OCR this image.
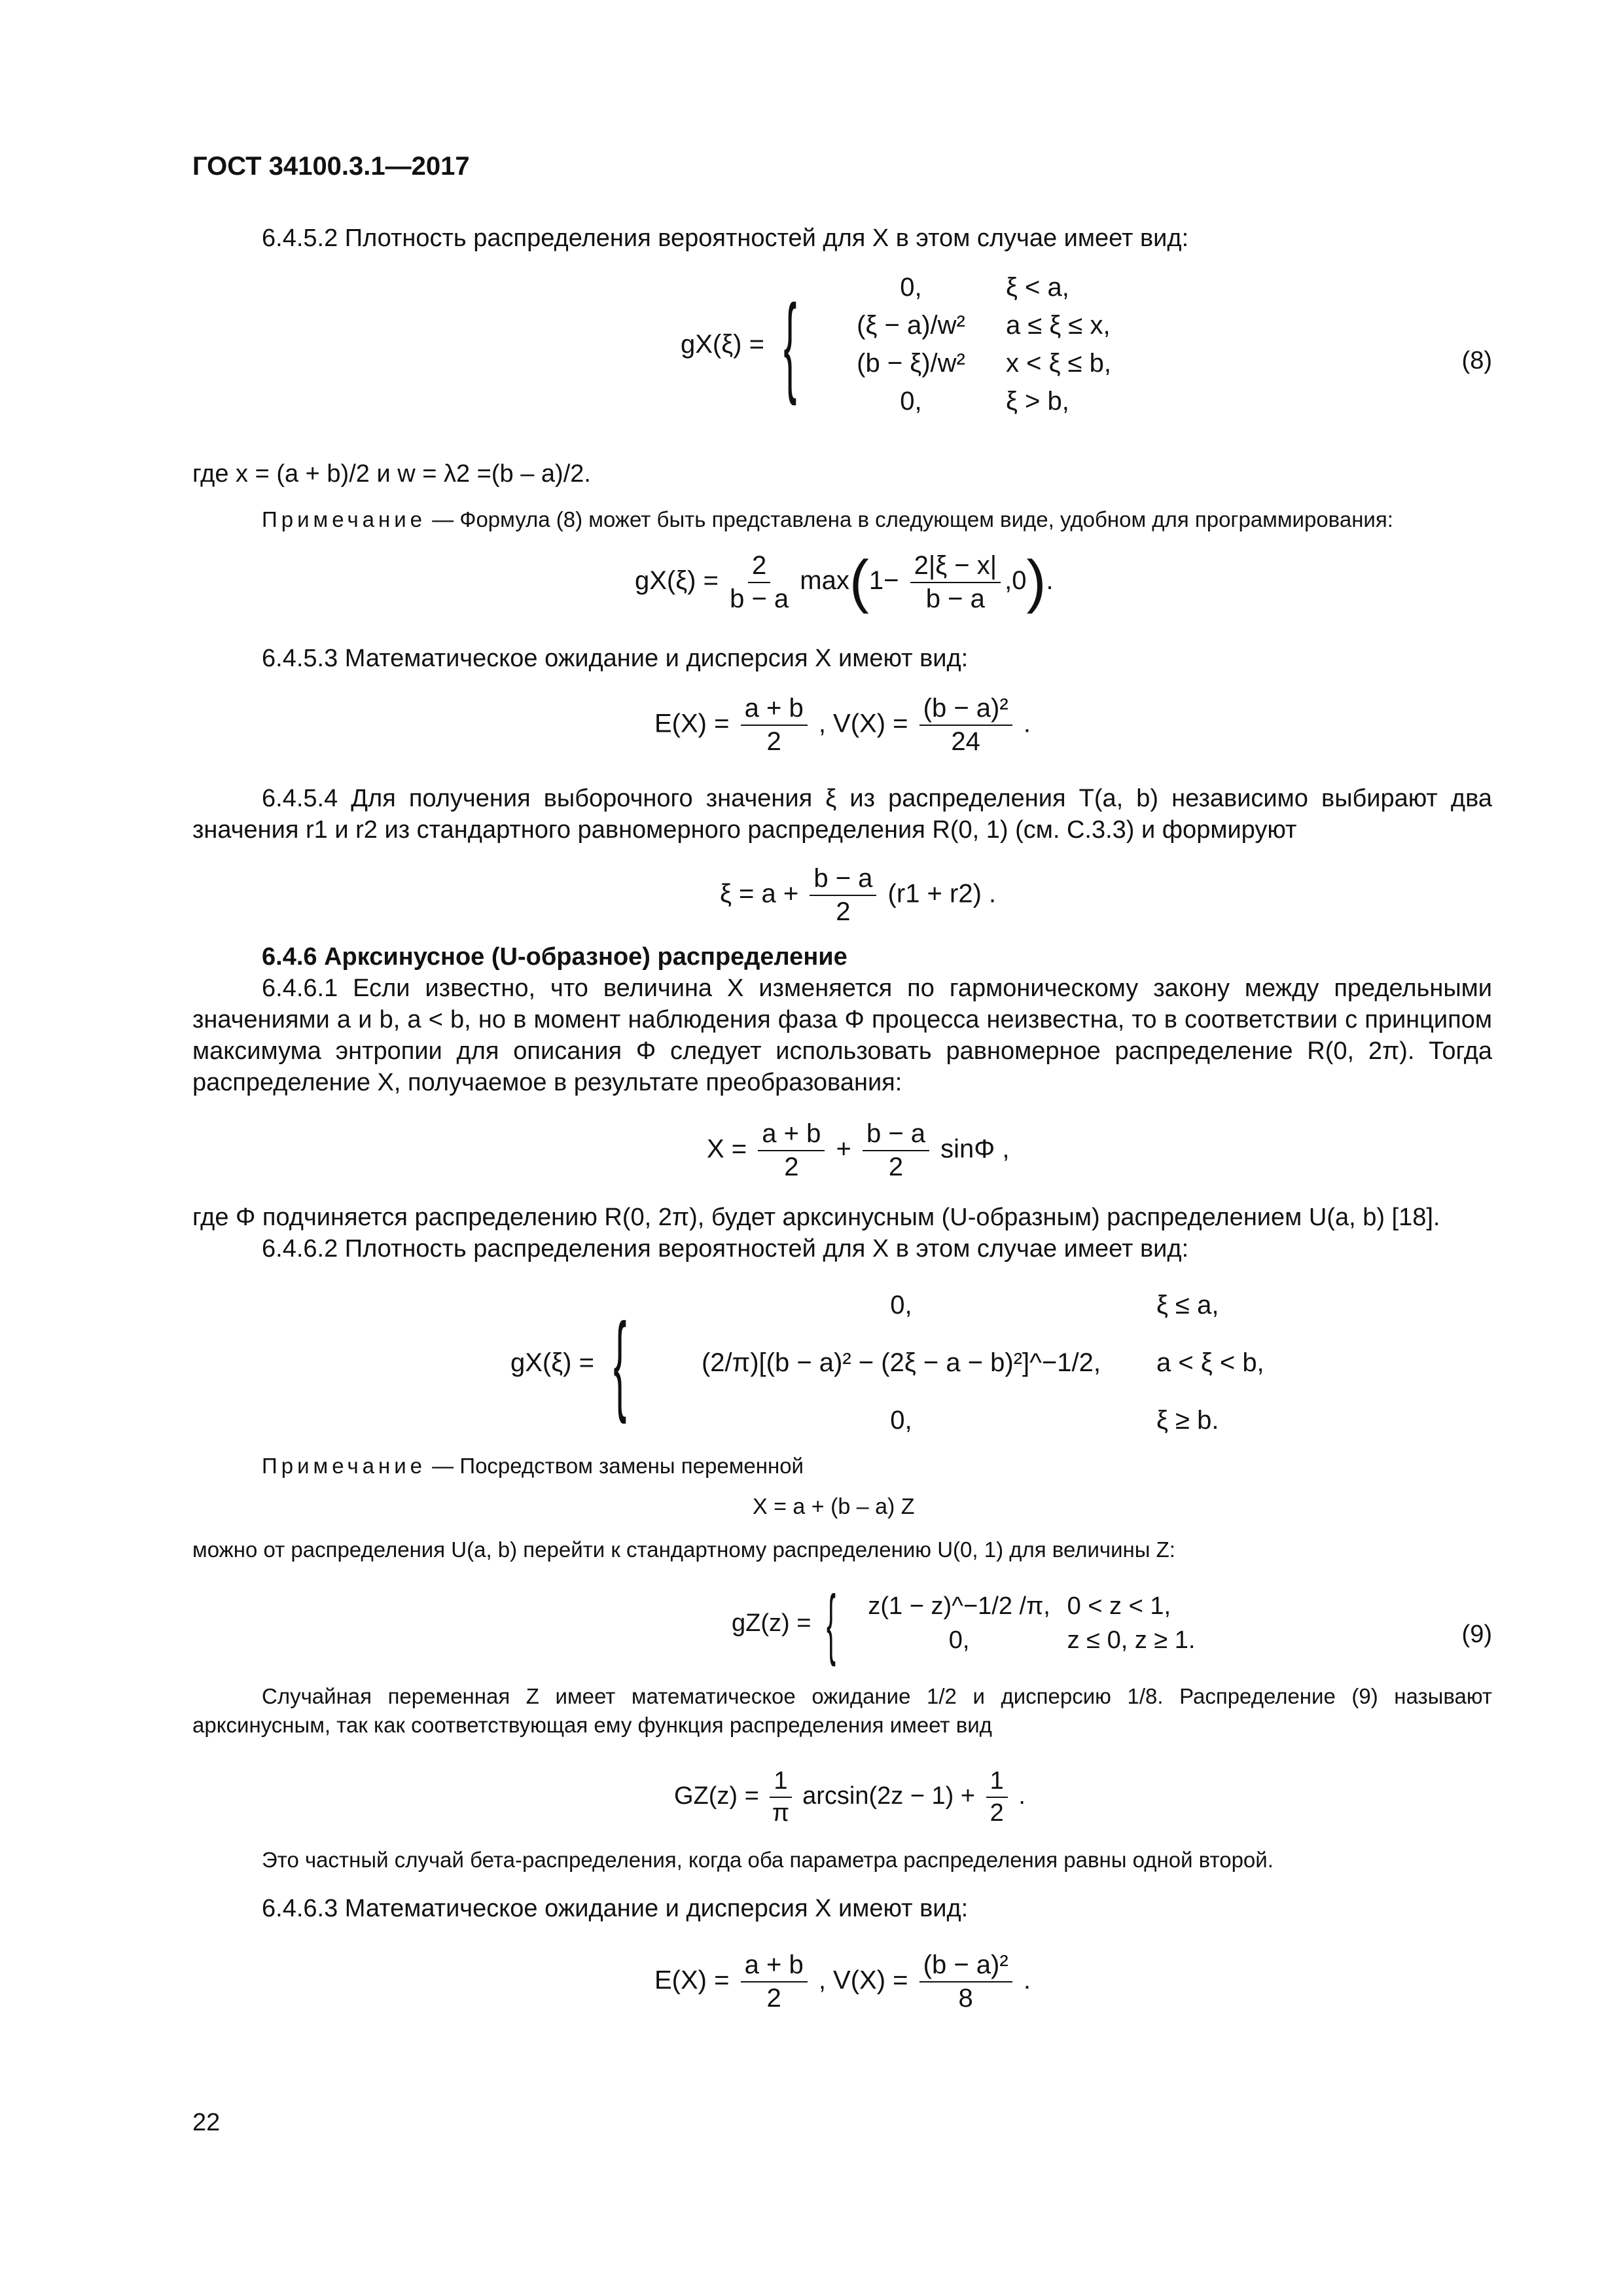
ГОСТ 34100.3.1—2017
6.4.5.2 Плотность распределения вероятностей для X в этом случае имеет вид:
gX(ξ) = {	0,	ξ < a,
(ξ − a)/w²	a ≤ ξ ≤ x,
(b − ξ)/w²	x < ξ ≤ b,
0,	ξ > b,
(8)
где x = (a + b)/2 и w = λ2 =(b – a)/2.
Примечание — Формула (8) может быть представлена в следующем виде, удобном для программирования:
$gX(\xi) = \frac{2}{b - a} \max(1- \frac{2|\xi - x|}{b - a} ,0)$.
6.4.5.3 Математическое ожидание и дисперсия X имеют вид:
$E(X) = \frac{a + b}{2}$ , $V(X) = \frac{\text{(b − a)²}}{24}$ .
6.4.5.4 Для получения выборочного значения ξ из распределения T(a, b) независимо выбирают два значения r1 и r2 из стандартного равномерного распределения R(0, 1) (см. С.3.3) и формируют
$\xi = a + \frac{b - a}{2} (r1 + r2)$ .
6.4.6 Арксинусное (U-образное) распределение
6.4.6.1 Если известно, что величина X изменяется по гармоническому закону между предельными значениями a и b, a < b, но в момент наблюдения фаза Φ процесса неизвестна, то в соответствии с принципом максимума энтропии для описания Φ следует использовать равномерное распределение R(0, 2π). Тогда распределение X, получаемое в результате преобразования:
$X = \frac{a + b}{2} + \frac{b - a}{2}$ sinΦ ,
где Φ подчиняется распределению R(0, 2π), будет арксинусным (U-образным) распределением U(a, b) [18].
6.4.6.2 Плотность распределения вероятностей для X в этом случае имеет вид:
gX(ξ) = {	0,	ξ ≤ a,
(2/π)[(b − a)² − (2ξ − a − b)²]^−1/2,	a < ξ < b,
0,	ξ ≥ b.
Примечание — Посредством замены переменной
X = a + (b – a) Z
можно от распределения U(a, b) перейти к стандартному распределению U(0, 1) для величины Z:
gZ(z) = {	z(1 − z)^−1/2 /π, 0 < z < 1,
0,	z ≤ 0, z ≥ 1.	(9)
Случайная переменная Z имеет математическое ожидание 1/2 и дисперсию 1/8. Распределение (9) называют арксинусным, так как соответствующая ему функция распределения имеет вид
$GZ(z) = \frac{1}{\pi} \arcsin(2z - 1) + \frac{1}{2}$ .
Это частный случай бета-распределения, когда оба параметра распределения равны одной второй.
6.4.6.3 Математическое ожидание и дисперсия X имеют вид:
$E(X) = \frac{a + b}{2}$ , $V(X) = \frac{\text{(b − a)²}}{8}$ .
22
